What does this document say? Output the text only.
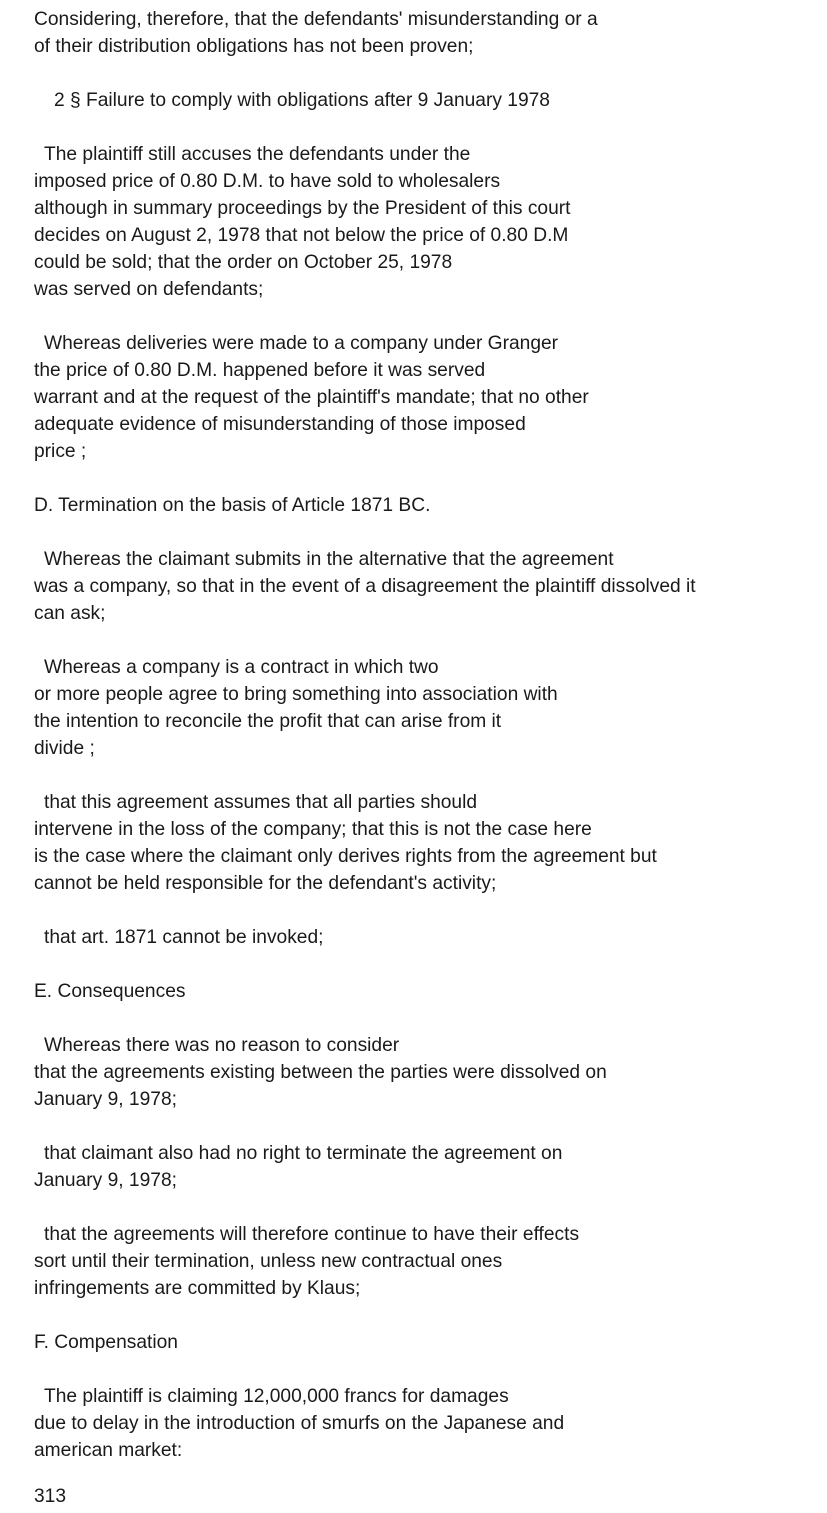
Considering, therefore, that the defendants' misunderstanding or a

of their distribution obligations has not been proven;

2 § Failure to comply with obligations after 9 January 1978

The plaintiff still accuses the defendants under the

imposed price of 0.80 D.M. to have sold to wholesalers

although in summary proceedings by the President of this court

decides on August 2, 1978 that not below the price of 0.80 D.M

could be sold; that the order on October 25, 1978

was served on defendants;

Whereas deliveries were made to a company under Granger

the price of 0.80 D.M. happened before it was served

warrant and at the request of the plaintiff's mandate; that no other

adequate evidence of misunderstanding of those imposed

price ;

D. Termination on the basis of Article 1871 BC.

Whereas the claimant submits in the alternative that the agreement

was a company, so that in the event of a disagreement the plaintiff dissolved it

can ask;

Whereas a company is a contract in which two

or more people agree to bring something into association with

the intention to reconcile the profit that can arise from it

divide ;

that this agreement assumes that all parties should

intervene in the loss of the company; that this is not the case here

is the case where the claimant only derives rights from the agreement but

cannot be held responsible for the defendant's activity;

that art. 1871 cannot be invoked;

E. Consequences

Whereas there was no reason to consider

that the agreements existing between the parties were dissolved on

January 9, 1978;

that claimant also had no right to terminate the agreement on

January 9, 1978;

that the agreements will therefore continue to have their effects

sort until their termination, unless new contractual ones

infringements are committed by Klaus;

F. Compensation

The plaintiff is claiming 12,000,000 francs for damages

due to delay in the introduction of smurfs on the Japanese and

american market:

313
